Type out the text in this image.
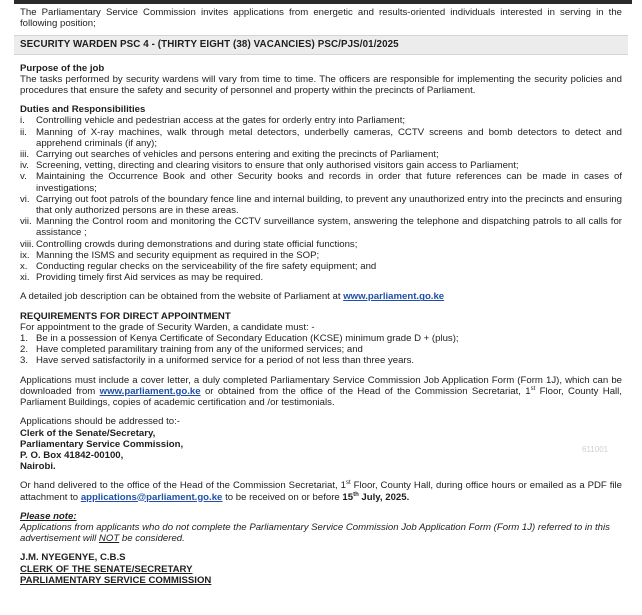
The Parliamentary Service Commission invites applications from energetic and results-oriented individuals interested in serving in the following position;

SECURITY WARDEN PSC 4 - (THIRTY EIGHT (38) VACANCIES) PSC/PJS/01/2025

Purpose of the job

The tasks performed by security wardens will vary from time to time. The officers are responsible for implementing the security policies and procedures that ensure the safety and security of personnel and property within the precincts of Parliament.

Duties and Responsibilities

i.	Controlling vehicle and pedestrian access at the gates for orderly entry into Parliament;
ii. Manning of X-ray machines, walk through metal detectors, underbelly cameras, CCTV screens and bomb detectors to detect and apprehend criminals (if any);
iii. Carrying out searches of vehicles and persons entering and exiting the precincts of Parliament;
iv. Screening, vetting, directing and clearing visitors to ensure that only authorised visitors gain access to Parliament;
v. Maintaining the Occurrence Book and other Security books and records in order that future references can be made in cases of investigations;
vi. Carrying out foot patrols of the boundary fence line and internal building, to prevent any unauthorized entry into the precincts and ensuring that only authorized persons are in these areas.
vii. Manning the Control room and monitoring the CCTV surveillance system, answering the telephone and dispatching patrols to all calls for assistance ;
viii. Controlling crowds during demonstrations and during state official functions;
ix. Manning the ISMS and security equipment as required in the SOP;
x. Conducting regular checks on the serviceability of the fire safety equipment; and
xi. Providing timely first Aid services as may be required.

A detailed job description can be obtained from the website of Parliament at www.parliament.go.ke

REQUIREMENTS FOR DIRECT APPOINTMENT

For appointment to the grade of Security Warden, a candidate must: -

1. Be in a possession of Kenya Certificate of Secondary Education (KCSE) minimum grade D + (plus);
2. Have completed paramilitary training from any of the uniformed services; and
3. Have served satisfactorily in a uniformed service for a period of not less than three years.

Applications must include a cover letter, a duly completed Parliamentary Service Commission Job Application Form (Form 1J), which can be downloaded from www.parliament.go.ke or obtained from the office of the Head of the Commission Secretariat, 1st Floor, County Hall, Parliament Buildings, copies of academic certification and /or testimonials.

Applications should be addressed to:-

Clerk of the Senate/Secretary,

Parliamentary Service Commission,

P. O. Box 41842-00100,

Nairobi.

Or hand delivered to the office of the Head of the Commission Secretariat, 1st Floor, County Hall, during office hours or emailed as a PDF file attachment to applications@parliament.go.ke to be received on or before 15th July, 2025.

Please note:

Applications from applicants who do not complete the Parliamentary Service Commission Job Application Form (Form 1J) referred to in this advertisement will NOT be considered.

J.M. NYEGENYE, C.B.S

CLERK OF THE SENATE/SECRETARY

PARLIAMENTARY SERVICE COMMISSION

611001
